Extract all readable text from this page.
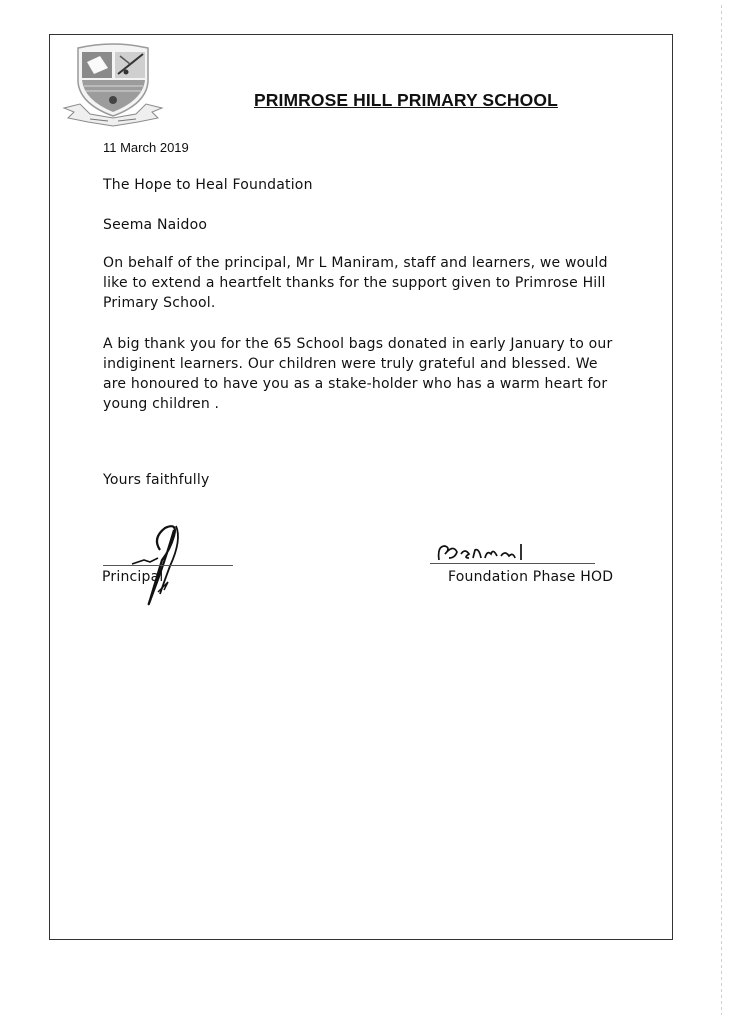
PRIMROSE HILL PRIMARY SCHOOL
11 March 2019
The Hope to Heal Foundation
Seema Naidoo

On behalf of the principal, Mr L Maniram, staff and learners, we would like to extend a heartfelt thanks for the support given to Primrose Hill Primary School.

A big thank you for the 65 School bags donated in early January to our indiginent learners. Our children were truly grateful and blessed. We are honoured to have you as a stake-holder who has a warm heart for young children .

Yours faithfully
Principal	Foundation Phase HOD
